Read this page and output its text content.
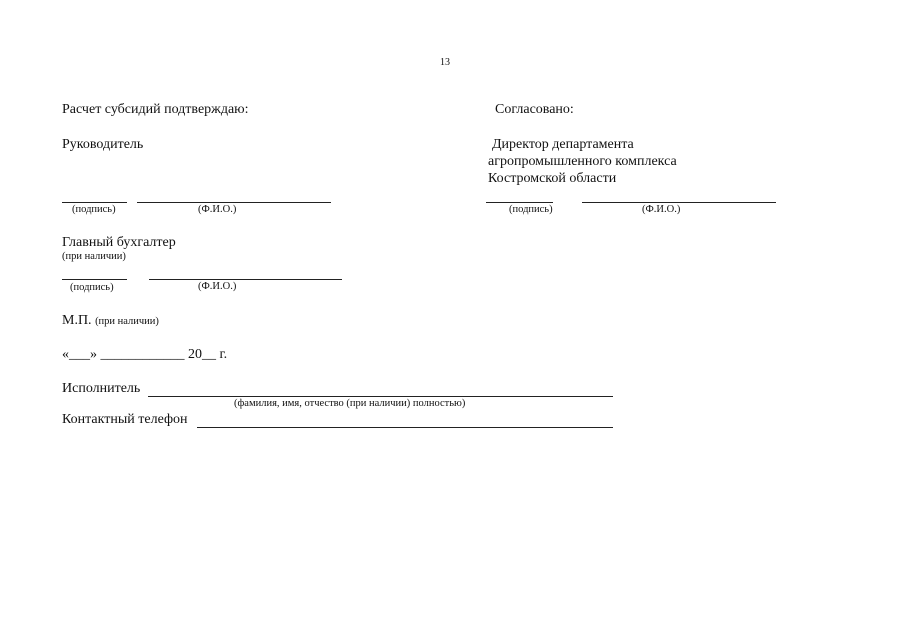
13
Расчет субсидий подтверждаю:
Руководитель
(подпись)	(Ф.И.О.)
Главный бухгалтер
(при наличии)
(подпись)	(Ф.И.О.)
М.П. (при наличии)
«___» ____________ 20__ г.
Исполнитель
(фамилия, имя, отчество (при наличии) полностью)
Контактный телефон
Согласовано:
Директор департамента
агропромышленного комплекса
Костромской области
(подпись)	(Ф.И.О.)
